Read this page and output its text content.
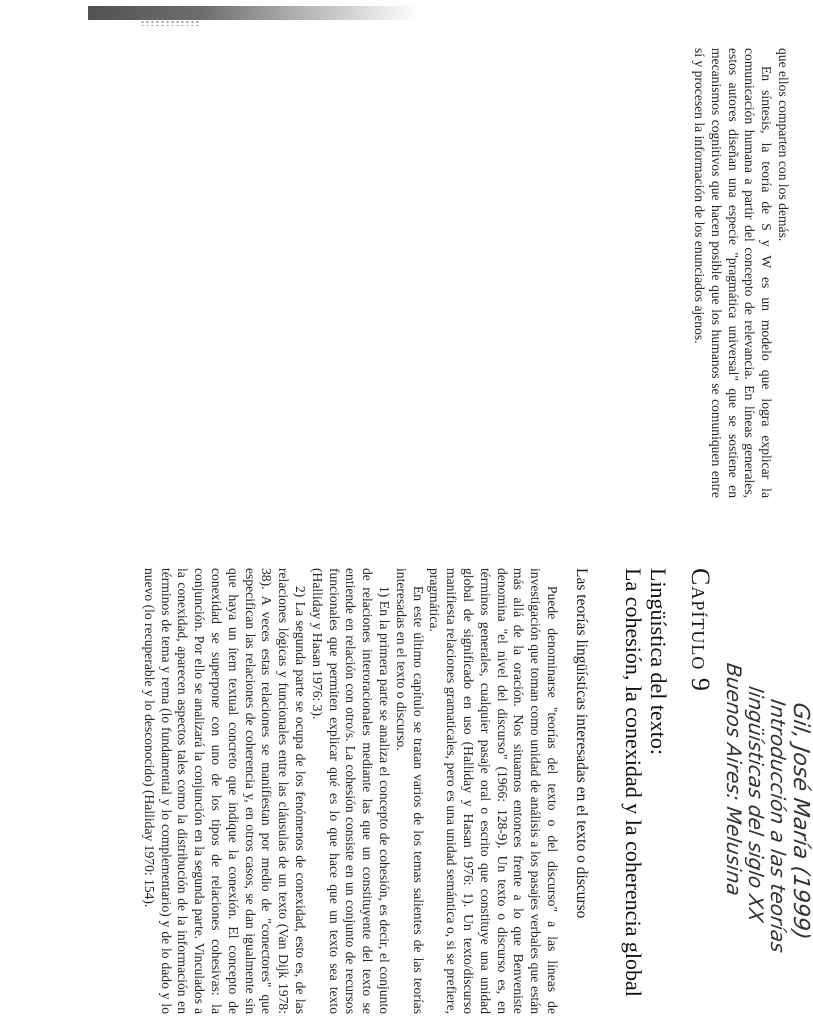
que ellos comparten con los demás.

En síntesis, la teoría de S y W es un modelo que logra explicar la comunicación humana a partir del concepto de relevancia. En líneas generales, estos autores diseñan una especie "pragmática universal" que se sostiene en mecanismos cognitivos que hacen posible que los humanos se comuniquen entre sí y procesen la información de los enunciados ajenos.

Gil, José María (1999)
Introducción a las teorías
lingüísticas del siglo XX
Buenos Aires: Melusina
Capítulo 9
Lingüística del texto:
La cohesión, la conexidad y la coherencia global
Las teorías lingüísticas interesadas en el texto o discurso

Puede denominarse "teorías del texto o del discurso" a las líneas de investigación que toman como unidad de análisis a los pasajes verbales que están más allá de la oración. Nos situamos entonces frente a lo que Benveniste denomina "el nivel del discurso" (1966: 128-9). Un texto o discurso es, en términos generales, cualquier pasaje oral o escrito que constituye una unidad global de significado en uso (Halliday y Hasan 1976: 1). Un texto/discurso manifiesta relaciones gramaticales, pero es una unidad semántica o, si se prefiere, pragmática.

En este último capítulo se tratan varios de los temas salientes de las teorías interesadas en el texto o discurso.

1) En la primera parte se analiza el concepto de cohesión, es decir, el conjunto de relaciones interoracionales mediante las que un constituyente del texto se entiende en relación con otro/s. La cohesión consiste en un conjunto de recursos funcionales que permiten explicar qué es lo que hace que un texto sea texto (Halliday y Hasan 1976: 3).

2) La segunda parte se ocupa de los fenómenos de conexidad, esto es, de las relaciones lógicas y funcionales entre las cláusulas de un texto (Van Dijk 1978: 38). A veces estas relaciones se manifiestan por medio de "conectores" que especifican las relaciones de coherencia y, en otros casos, se dan igualmente sin que haya un ítem textual concreto que indique la conexión. El concepto de conexidad se superpone con uno de los tipos de relaciones cohesivas: la conjunción. Por ello se analizará la conjunción en la segunda parte. Vinculados a la conexidad, aparecen aspectos tales como la distribución de la información en términos de tema y rema (lo fundamental y lo complementario) y de lo dado y lo nuevo (lo recuperable y lo desconocido) (Halliday 1970: 154).
